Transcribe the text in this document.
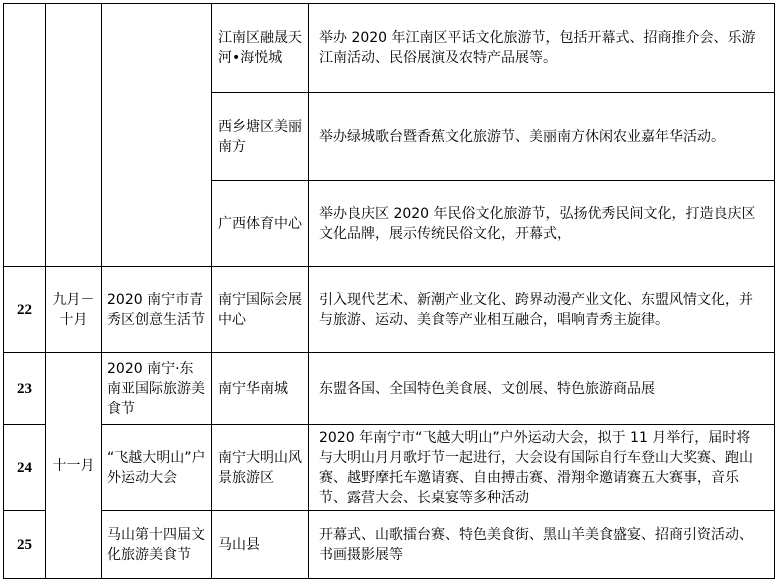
			江南区融晟天河•海悦城	举办 2020 年江南区平话文化旅游节，包括开幕式、招商推介会、乐游江南活动、民俗展演及农特产品展等。
			西乡塘区美丽南方	举办绿城歌台暨香蕉文化旅游节、美丽南方休闲农业嘉年华活动。
			广西体育中心	举办良庆区 2020 年民俗文化旅游节，弘扬优秀民间文化，打造良庆区文化品牌，展示传统民俗文化，开幕式，
22	九月－十月	2020 南宁市青秀区创意生活节	南宁国际会展中心	引入现代艺术、新潮产业文化、跨界动漫产业文化、东盟风情文化，并与旅游、运动、美食等产业相互融合，唱响青秀主旋律。
23	十一月	2020 南宁·东南亚国际旅游美食节	南宁华南城	东盟各国、全国特色美食展、文创展、特色旅游商品展
24		“飞越大明山”户外运动大会	南宁大明山风景旅游区	2020 年南宁市“飞越大明山”户外运动大会，拟于 11 月举行，届时将与大明山月月歌圩节一起进行，大会设有国际自行车登山大奖赛、跑山赛、越野摩托车邀请赛、自由搏击赛、滑翔伞邀请赛五大赛事，音乐节、露营大会、长桌宴等多种活动
25		马山第十四届文化旅游美食节	马山县	开幕式、山歌擂台赛、特色美食街、黑山羊美食盛宴、招商引资活动、书画摄影展等
